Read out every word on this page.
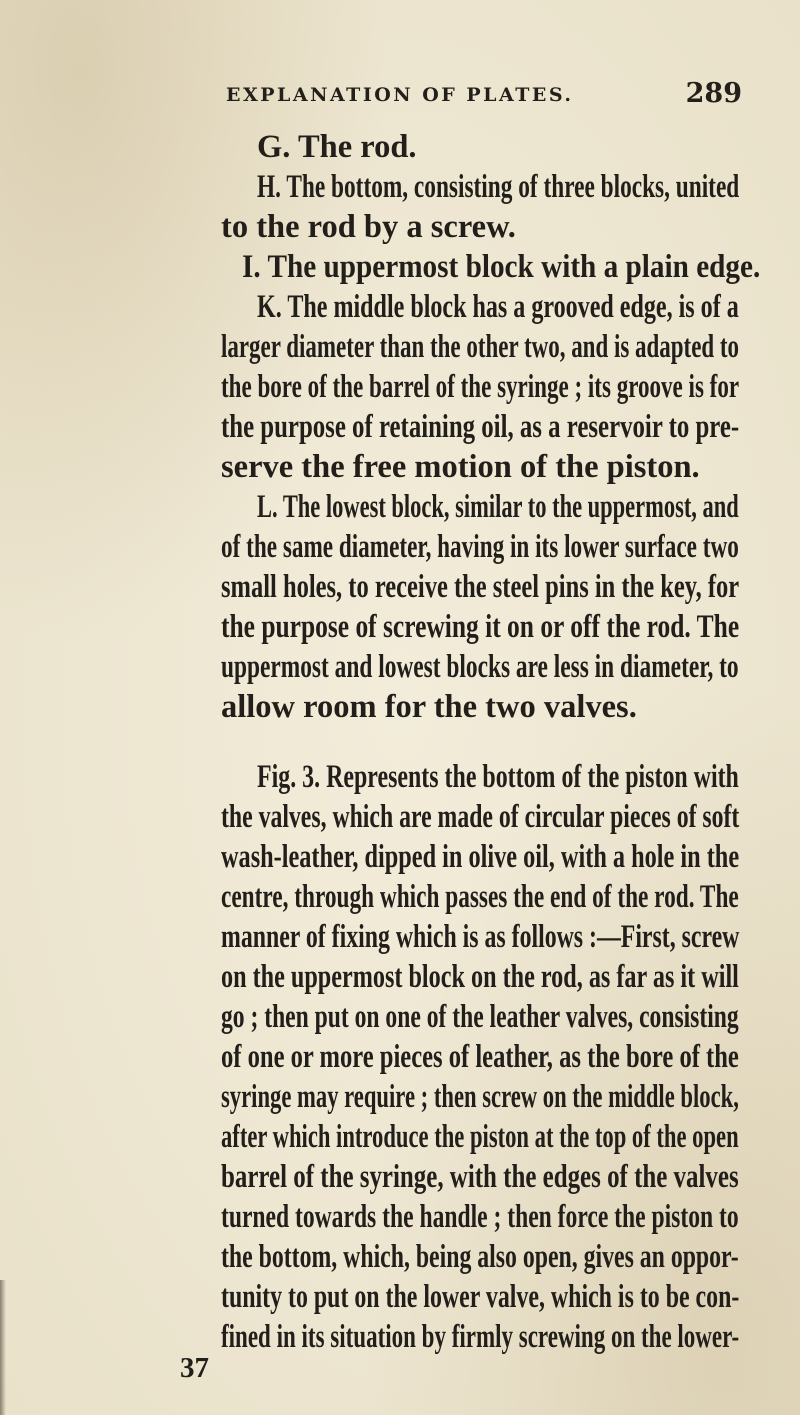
EXPLANATION OF PLATES.	289
G. The rod.
H. The bottom, consisting of three blocks, united
to the rod by a screw.
I. The uppermost block with a plain edge.
K. The middle block has a grooved edge, is of a
larger diameter than the other two, and is adapted to
the bore of the barrel of the syringe ; its groove is for
the purpose of retaining oil, as a reservoir to pre-
serve the free motion of the piston.
L. The lowest block, similar to the uppermost, and
of the same diameter, having in its lower surface two
small holes, to receive the steel pins in the key, for
the purpose of screwing it on or off the rod. The
uppermost and lowest blocks are less in diameter, to
allow room for the two valves.
Fig. 3. Represents the bottom of the piston with
the valves, which are made of circular pieces of soft
wash-leather, dipped in olive oil, with a hole in the
centre, through which passes the end of the rod. The
manner of fixing which is as follows :—First, screw
on the uppermost block on the rod, as far as it will
go ; then put on one of the leather valves, consisting
of one or more pieces of leather, as the bore of the
syringe may require ; then screw on the middle block,
after which introduce the piston at the top of the open
barrel of the syringe, with the edges of the valves
turned towards the handle ; then force the piston to
the bottom, which, being also open, gives an oppor-
tunity to put on the lower valve, which is to be con-
fined in its situation by firmly screwing on the lower-
37
